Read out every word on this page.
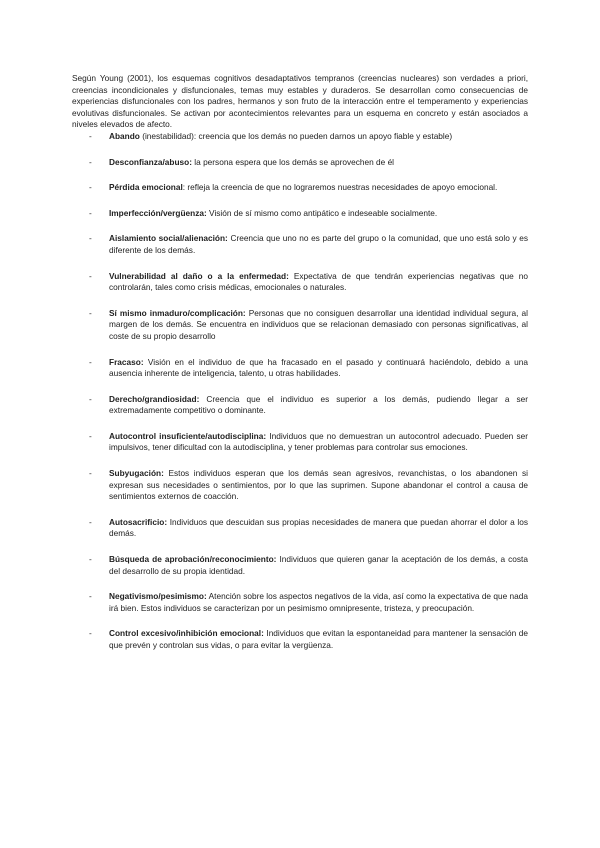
Según Young (2001), los esquemas cognitivos desadaptativos tempranos (creencias nucleares) son verdades a priori, creencias incondicionales y disfuncionales, temas muy estables y duraderos. Se desarrollan como consecuencias de experiencias disfuncionales con los padres, hermanos y son fruto de la interacción entre el temperamento y experiencias evolutivas disfuncionales. Se activan por acontecimientos relevantes para un esquema en concreto y están asociados a niveles elevados de afecto.

- Abando (inestabilidad): creencia que los demás no pueden darnos un apoyo fiable y estable)
- Desconfianza/abuso: la persona espera que los demás se aprovechen de él
- Pérdida emocional: refleja la creencia de que no lograremos nuestras necesidades de apoyo emocional.
- Imperfección/vergüenza: Visión de sí mismo como antipático e indeseable socialmente.
- Aislamiento social/alienación: Creencia que uno no es parte del grupo o la comunidad, que uno está solo y es diferente de los demás.
- Vulnerabilidad al daño o a la enfermedad: Expectativa de que tendrán experiencias negativas que no controlarán, tales como crisis médicas, emocionales o naturales.
- Sí mismo inmaduro/complicación: Personas que no consiguen desarrollar una identidad individual segura, al margen de los demás. Se encuentra en individuos que se relacionan demasiado con personas significativas, al coste de su propio desarrollo
- Fracaso: Visión en el individuo de que ha fracasado en el pasado y continuará haciéndolo, debido a una ausencia inherente de inteligencia, talento, u otras habilidades.
- Derecho/grandiosidad: Creencia que el individuo es superior a los demás, pudiendo llegar a ser extremadamente competitivo o dominante.
- Autocontrol insuficiente/autodisciplina: Individuos que no demuestran un autocontrol adecuado. Pueden ser impulsivos, tener dificultad con la autodisciplina, y tener problemas para controlar sus emociones.
- Subyugación: Estos individuos esperan que los demás sean agresivos, revanchistas, o los abandonen si expresan sus necesidades o sentimientos, por lo que las suprimen. Supone abandonar el control a causa de sentimientos externos de coacción.
- Autosacrificio: Individuos que descuidan sus propias necesidades de manera que puedan ahorrar el dolor a los demás.
- Búsqueda de aprobación/reconocimiento: Individuos que quieren ganar la aceptación de los demás, a costa del desarrollo de su propia identidad.
- Negativismo/pesimismo: Atención sobre los aspectos negativos de la vida, así como la expectativa de que nada irá bien. Estos individuos se caracterizan por un pesimismo omnipresente, tristeza, y preocupación.
- Control excesivo/inhibición emocional: Individuos que evitan la espontaneidad para mantener la sensación de que prevén y controlan sus vidas, o para evitar la vergüenza.
